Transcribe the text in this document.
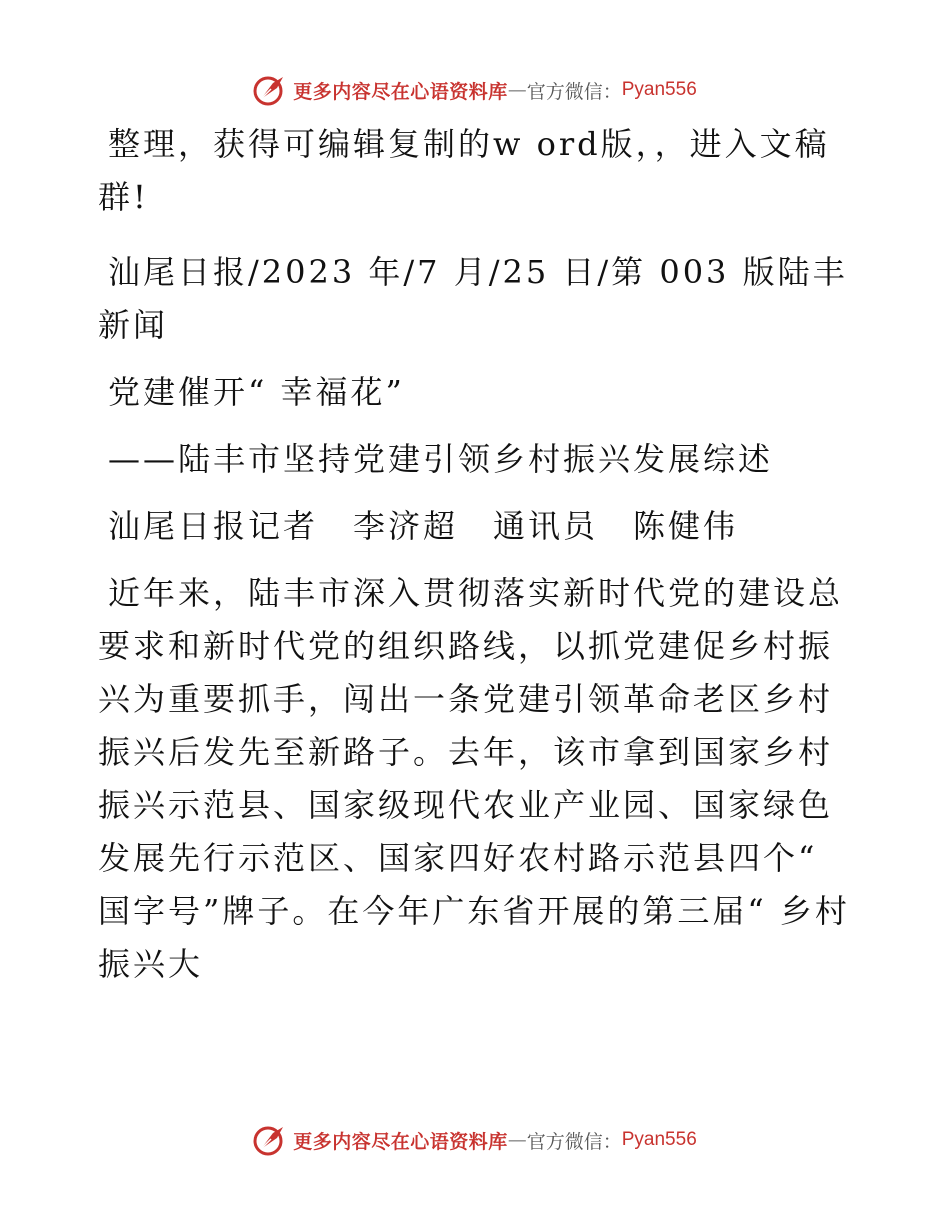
更多内容尽在心语资料库 — 官方微信： Pyan556

整理，获得可编辑复制的w ord版，，进入文稿群!

汕尾日报/2023 年/7 月/25 日/第 003 版陆丰新闻

党建催开“ 幸福花”

——陆丰市坚持党建引领乡村振兴发展综述

汕尾日报记者　李济超　通讯员　陈健伟

近年来，陆丰市深入贯彻落实新时代党的建设总要求和新时代党的组织路线，以抓党建促乡村振兴为重要抓手，闯出一条党建引领革命老区乡村振兴后发先至新路子。去年，该市拿到国家乡村振兴示范县、国家级现代农业产业园、国家绿色发展先行示范区、国家四好农村路示范县四个“ 国字号”牌子。在今年广东省开展的第三届“ 乡村振兴大

更多内容尽在心语资料库 — 官方微信： Pyan556
